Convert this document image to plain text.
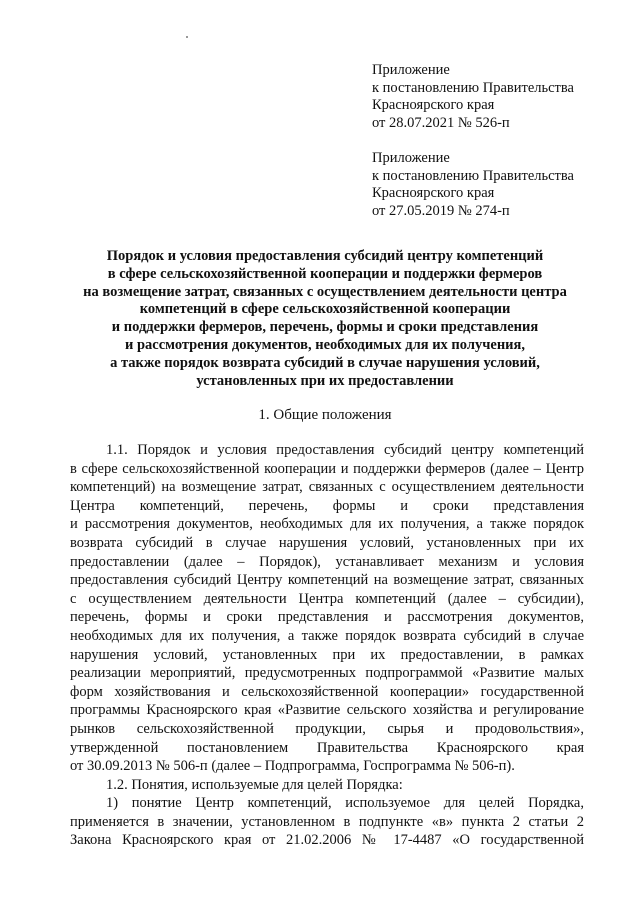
Приложение
к постановлению Правительства
Красноярского края
от 28.07.2021 № 526-п
Приложение
к постановлению Правительства
Красноярского края
от 27.05.2019 № 274-п
Порядок и условия предоставления субсидий центру компетенций
в сфере сельскохозяйственной кооперации и поддержки фермеров
на возмещение затрат, связанных с осуществлением деятельности центра
компетенций в сфере сельскохозяйственной кооперации
и поддержки фермеров, перечень, формы и сроки представления
и рассмотрения документов, необходимых для их получения,
а также порядок возврата субсидий в случае нарушения условий,
установленных при их предоставлении
1. Общие положения
1.1. Порядок и условия предоставления субсидий центру компетенций
в сфере сельскохозяйственной кооперации и поддержки фермеров (далее – Центр
компетенций) на возмещение затрат, связанных с осуществлением деятельности
Центра компетенций, перечень, формы и сроки представления
и рассмотрения документов, необходимых для их получения, а также порядок
возврата субсидий в случае нарушения условий, установленных при их
предоставлении (далее – Порядок), устанавливает механизм и условия
предоставления субсидий Центру компетенций на возмещение затрат, связанных
с осуществлением деятельности Центра компетенций (далее – субсидии),
перечень, формы и сроки представления и рассмотрения документов,
необходимых для их получения, а также порядок возврата субсидий в случае
нарушения условий, установленных при их предоставлении, в рамках
реализации мероприятий, предусмотренных подпрограммой «Развитие малых
форм хозяйствования и сельскохозяйственной кооперации» государственной
программы Красноярского края «Развитие сельского хозяйства и регулирование
рынков сельскохозяйственной продукции, сырья и продовольствия»,
утвержденной постановлением Правительства Красноярского края
от 30.09.2013 № 506-п (далее – Подпрограмма, Госпрограмма № 506-п).
1.2. Понятия, используемые для целей Порядка:
1) понятие Центр компетенций, используемое для целей Порядка,
применяется в значении, установленном в подпункте «в» пункта 2 статьи 2
Закона Красноярского края от 21.02.2006 № 17-4487 «О государственной
